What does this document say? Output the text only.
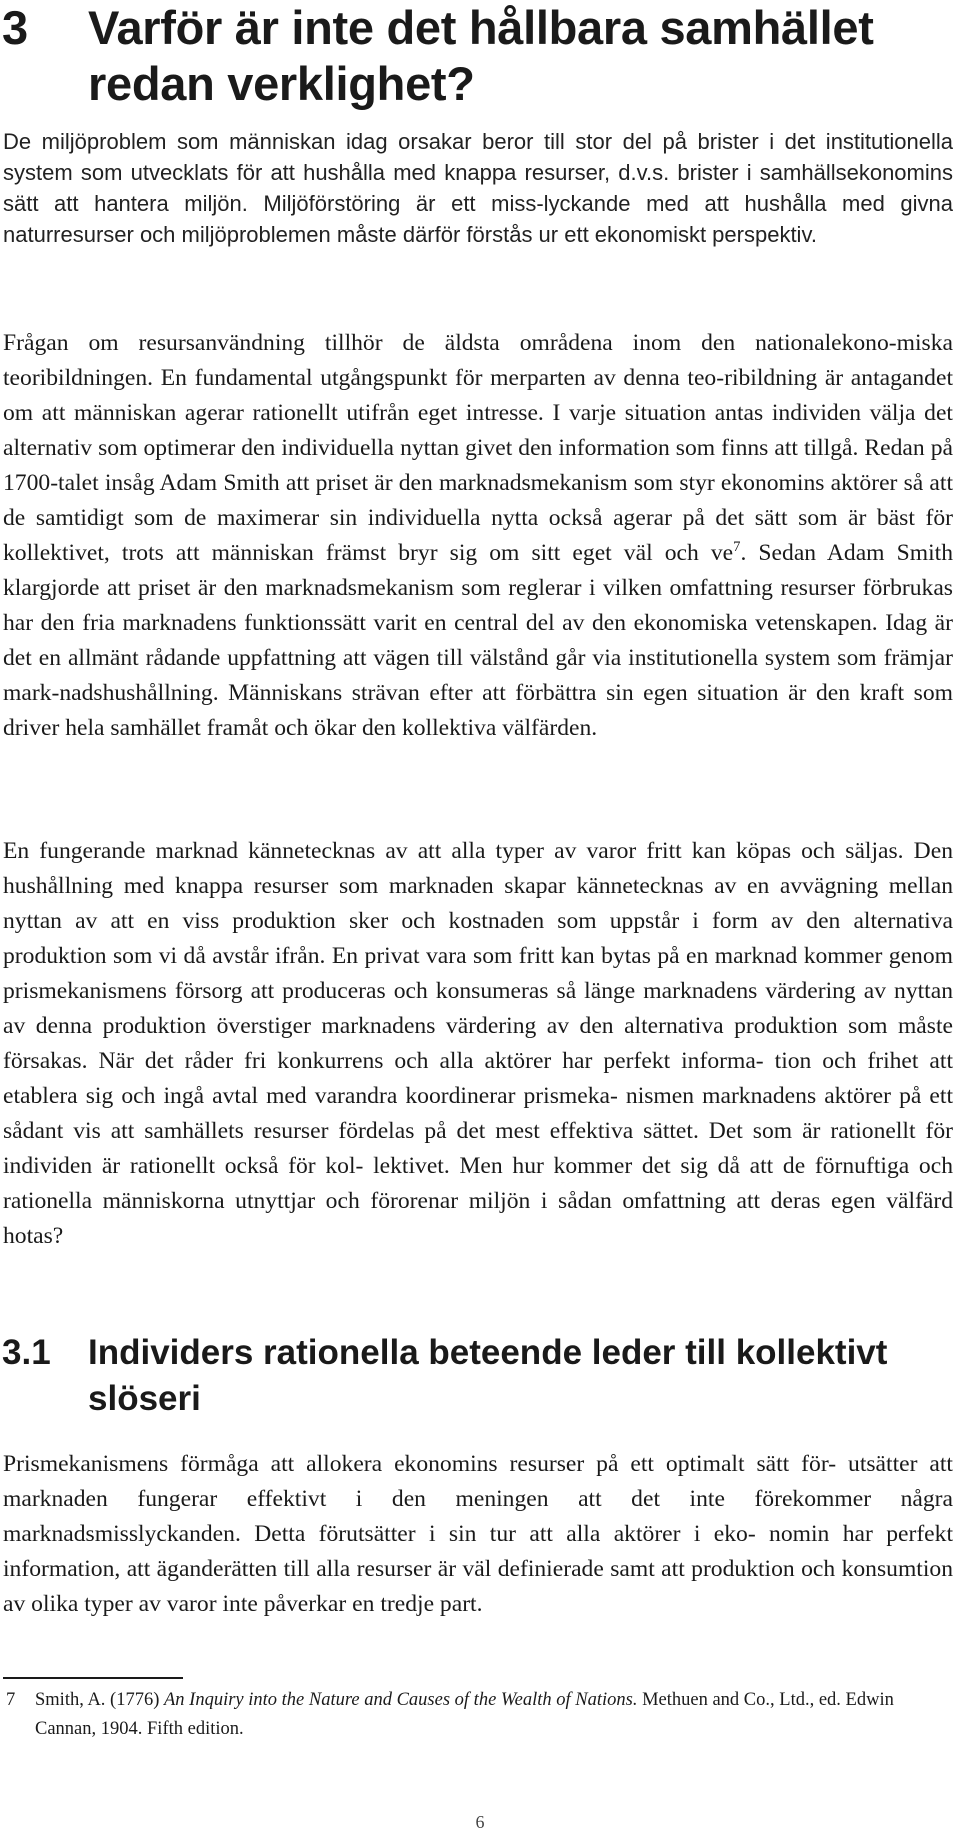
3 Varför är inte det hållbara samhället redan verklighet?
De miljöproblem som människan idag orsakar beror till stor del på brister i det institutionella system som utvecklats för att hushålla med knappa resurser, d.v.s. brister i samhällsekonomins sätt att hantera miljön. Miljöförstöring är ett miss-lyckande med att hushålla med givna naturresurser och miljöproblemen måste därför förstås ur ett ekonomiskt perspektiv.
Frågan om resursanvändning tillhör de äldsta områdena inom den nationalekono-miska teoribildningen. En fundamental utgångspunkt för merparten av denna teo-ribildning är antagandet om att människan agerar rationellt utifrån eget intresse. I varje situation antas individen välja det alternativ som optimerar den individuella nyttan givet den information som finns att tillgå. Redan på 1700-talet insåg Adam Smith att priset är den marknadsmekanism som styr ekonomins aktörer så att de samtidigt som de maximerar sin individuella nytta också agerar på det sätt som är bäst för kollektivet, trots att människan främst bryr sig om sitt eget väl och $ve^7$. Sedan Adam Smith klargjorde att priset är den marknadsmekanism som reglerar i vilken omfattning resurser förbrukas har den fria marknadens funktionssätt varit en central del av den ekonomiska vetenskapen. Idag är det en allmänt rådande uppfattning att vägen till välstånd går via institutionella system som främjar mark-nadshushållning. Människans strävan efter att förbättra sin egen situation är den kraft som driver hela samhället framåt och ökar den kollektiva välfärden.
En fungerande marknad kännetecknas av att alla typer av varor fritt kan köpas och säljas. Den hushållning med knappa resurser som marknaden skapar kännetecknas av en avvägning mellan nyttan av att en viss produktion sker och kostnaden som uppstår i form av den alternativa produktion som vi då avstår ifrån. En privat vara som fritt kan bytas på en marknad kommer genom prismekanismens försorg att produceras och konsumeras så länge marknadens värdering av nyttan av denna produktion överstiger marknadens värdering av den alternativa produktion som måste försakas. När det råder fri konkurrens och alla aktörer har perfekt informa- tion och frihet att etablera sig och ingå avtal med varandra koordinerar prismeka- nismen marknadens aktörer på ett sådant vis att samhällets resurser fördelas på det mest effektiva sättet. Det som är rationellt för individen är rationellt också för kol- lektivet. Men hur kommer det sig då att de förnuftiga och rationella människorna utnyttjar och förorenar miljön i sådan omfattning att deras egen välfärd hotas?
3.1 Individers rationella beteende leder till kollektivt slöseri
Prismekanismens förmåga att allokera ekonomins resurser på ett optimalt sätt för- utsätter att marknaden fungerar effektivt i den meningen att det inte förekommer några marknadsmisslyckanden. Detta förutsätter i sin tur att alla aktörer i eko- nomin har perfekt information, att äganderätten till alla resurser är väl definierade samt att produktion och konsumtion av olika typer av varor inte påverkar en tredje part.
7 Smith, A. (1776) An Inquiry into the Nature and Causes of the Wealth of Nations. Methuen and Co., Ltd., ed. Edwin Cannan, 1904. Fifth edition.
6
